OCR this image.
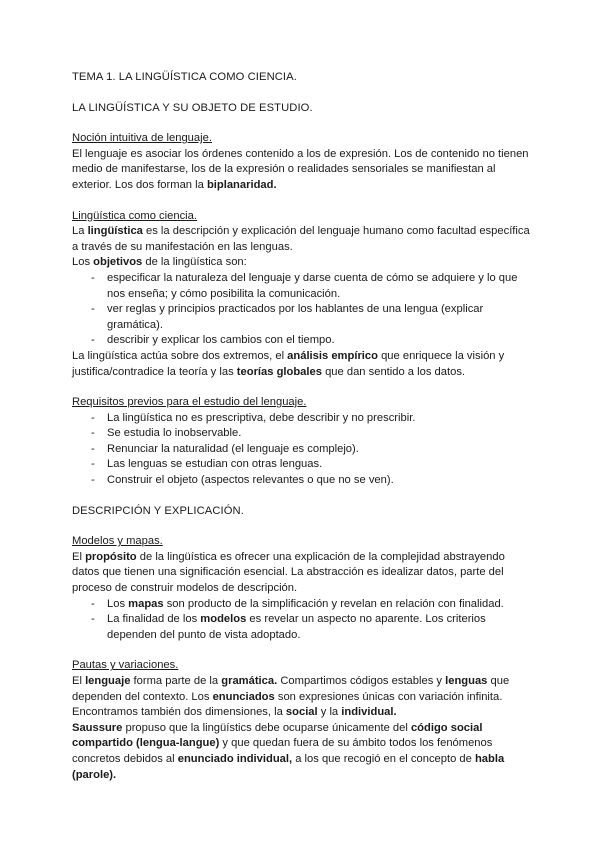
TEMA 1. LA LINGÜÍSTICA COMO CIENCIA.

LA LINGÜÍSTICA Y SU OBJETO DE ESTUDIO.

Noción intuitiva de lenguaje.

El lenguaje es asociar los órdenes contenido a los de expresión. Los de contenido no tienen medio de manifestarse, los de la expresión o realidades sensoriales se manifiestan al exterior. Los dos forman la biplanaridad.

Lingüística como ciencia.

La lingüística es la descripción y explicación del lenguaje humano como facultad específica a través de su manifestación en las lenguas.

Los objetivos de la lingüística son:

- especificar la naturaleza del lenguaje y darse cuenta de cómo se adquiere y lo que nos enseña; y cómo posibilita la comunicación.
- ver reglas y principios practicados por los hablantes de una lengua (explicar gramática).
- describir y explicar los cambios con el tiempo.

La lingüística actúa sobre dos extremos, el análisis empírico que enriquece la visión y justifica/contradice la teoría y las teorías globales que dan sentido a los datos.

Requisitos previos para el estudio del lenguaje.

- La lingüística no es prescriptiva, debe describir y no prescribir.
- Se estudia lo inobservable.
- Renunciar la naturalidad (el lenguaje es complejo).
- Las lenguas se estudian con otras lenguas.
- Construir el objeto (aspectos relevantes o que no se ven).

DESCRIPCIÓN Y EXPLICACIÓN.

Modelos y mapas.

El propósito de la lingüística es ofrecer una explicación de la complejidad abstrayendo datos que tienen una significación esencial. La abstracción es idealizar datos, parte del proceso de construir modelos de descripción.

- Los mapas son producto de la simplificación y revelan en relación con finalidad.
- La finalidad de los modelos es revelar un aspecto no aparente. Los criterios dependen del punto de vista adoptado.

Pautas y variaciones.

El lenguaje forma parte de la gramática. Compartimos códigos estables y lenguas que dependen del contexto. Los enunciados son expresiones únicas con variación infinita.

Encontramos también dos dimensiones, la social y la individual.

Saussure propuso que la lingüístics debe ocuparse únicamente del código social compartido (lengua-langue) y que quedan fuera de su ámbito todos los fenómenos concretos debidos al enunciado individual, a los que recogió en el concepto de habla (parole).
